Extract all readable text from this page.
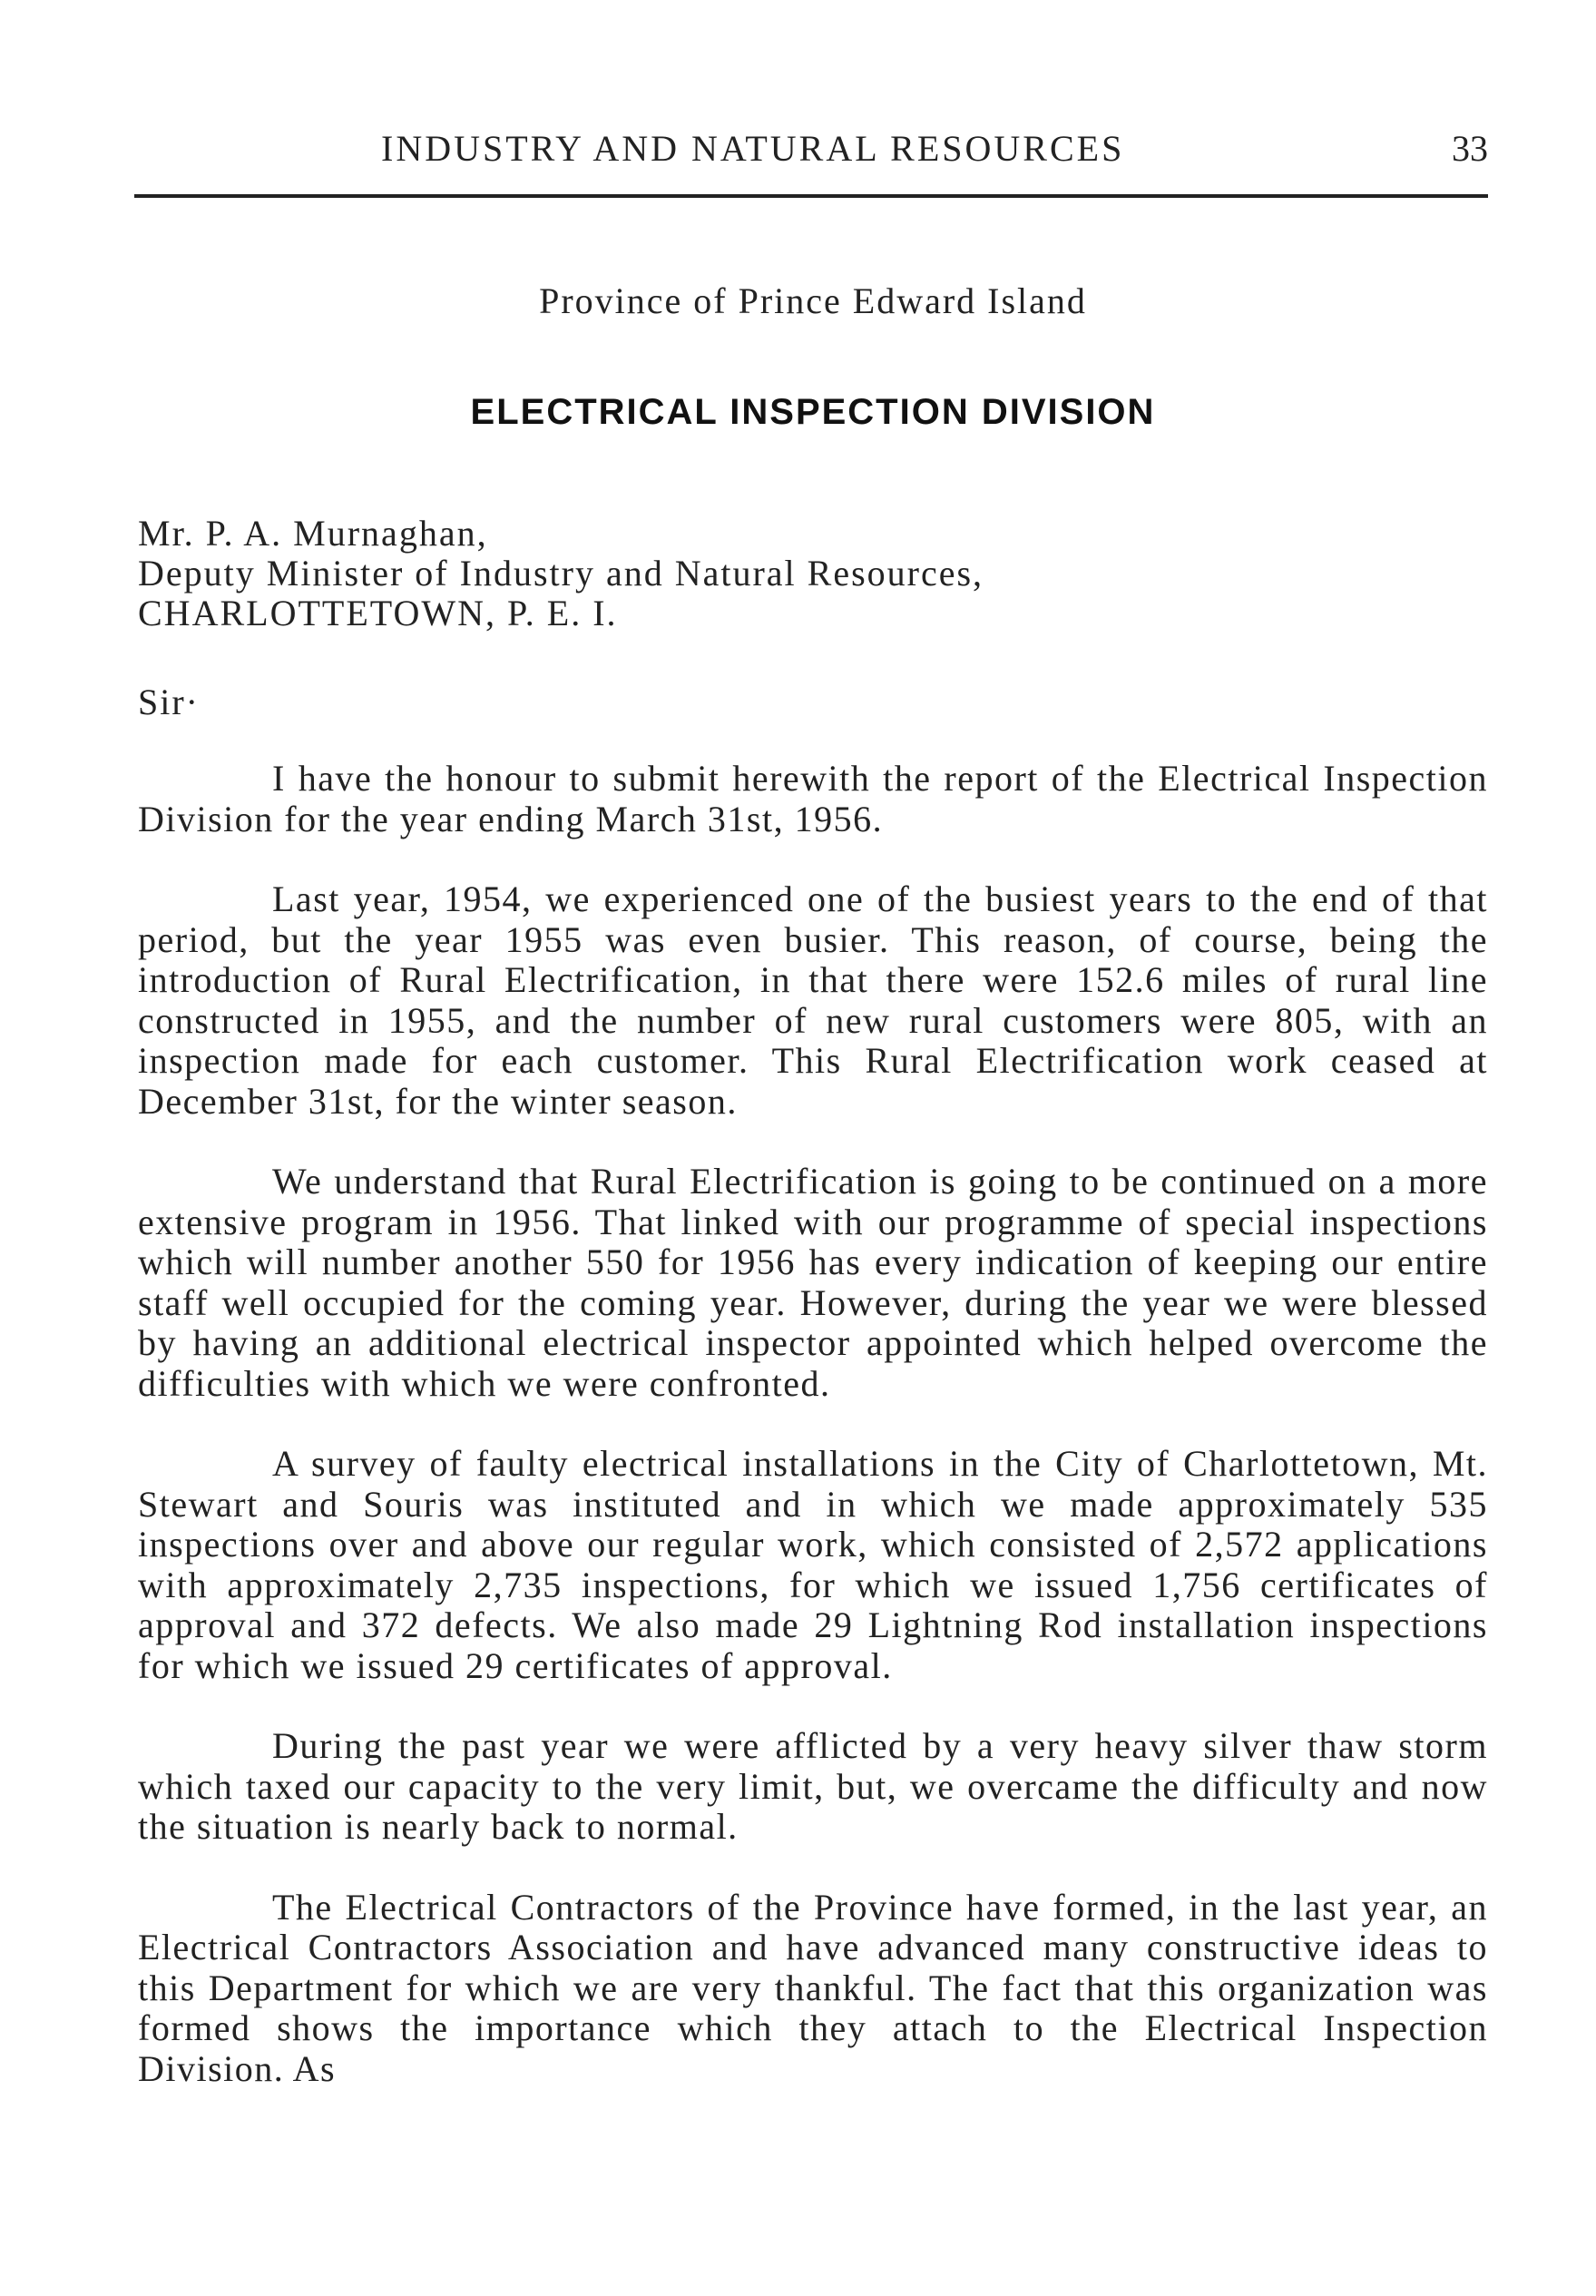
INDUSTRY AND NATURAL RESOURCES	33
Province of Prince Edward Island
ELECTRICAL INSPECTION DIVISION
Mr. P. A. Murnaghan,
Deputy Minister of Industry and Natural Resources,
CHARLOTTETOWN, P. E. I.
Sir·

I have the honour to submit herewith the report of the Electrical Inspection Division for the year ending March 31st, 1956.

Last year, 1954, we experienced one of the busiest years to the end of that period, but the year 1955 was even busier. This reason, of course, being the introduction of Rural Electrification, in that there were 152.6 miles of rural line constructed in 1955, and the number of new rural customers were 805, with an inspection made for each customer. This Rural Electrification work ceased at December 31st, for the winter season.

We understand that Rural Electrification is going to be continued on a more extensive program in 1956. That linked with our programme of special inspections which will number another 550 for 1956 has every indication of keeping our entire staff well occupied for the coming year. However, during the year we were blessed by having an additional electrical inspector appointed which helped overcome the difficulties with which we were confronted.

A survey of faulty electrical installations in the City of Charlottetown, Mt. Stewart and Souris was instituted and in which we made approximately 535 inspections over and above our regular work, which consisted of 2,572 applications with approximately 2,735 inspections, for which we issued 1,756 certificates of approval and 372 defects. We also made 29 Lightning Rod installation inspections for which we issued 29 certificates of approval.

During the past year we were afflicted by a very heavy silver thaw storm which taxed our capacity to the very limit, but, we overcame the difficulty and now the situation is nearly back to normal.

The Electrical Contractors of the Province have formed, in the last year, an Electrical Contractors Association and have advanced many constructive ideas to this Department for which we are very thankful. The fact that this organization was formed shows the importance which they attach to the Electrical Inspection Division. As
